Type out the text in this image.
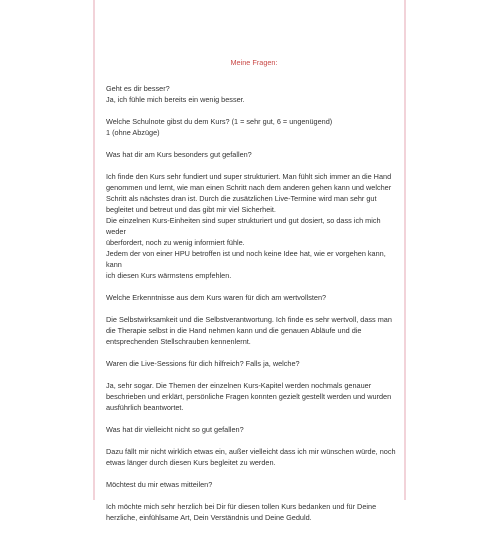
Meine Fragen:

Geht es dir besser?

Ja, ich fühle mich bereits ein wenig besser.

Welche Schulnote gibst du dem Kurs? (1 = sehr gut, 6 = ungenügend)

1 (ohne Abzüge)

Was hat dir am Kurs besonders gut gefallen?

Ich finde den Kurs sehr fundiert und super strukturiert. Man fühlt sich immer an die Hand

genommen und lernt, wie man einen Schritt nach dem anderen gehen kann und welcher

Schritt als nächstes dran ist. Durch die zusätzlichen Live-Termine wird man sehr gut

begleitet und betreut und das gibt mir viel Sicherheit.

Die einzelnen Kurs-Einheiten sind super strukturiert und gut dosiert, so dass ich mich weder

überfordert, noch zu wenig informiert fühle.

Jedem der von einer HPU betroffen ist und noch keine Idee hat, wie er vorgehen kann, kann

ich diesen Kurs wärmstens empfehlen.

Welche Erkenntnisse aus dem Kurs waren für dich am wertvollsten?

Die Selbstwirksamkeit und die Selbstverantwortung. Ich finde es sehr wertvoll, dass man

die Therapie selbst in die Hand nehmen kann und die genauen Abläufe und die

entsprechenden Stellschrauben kennenlernt.

Waren die Live-Sessions für dich hilfreich? Falls ja, welche?

Ja, sehr sogar. Die Themen der einzelnen Kurs-Kapitel werden nochmals genauer

beschrieben und erklärt, persönliche Fragen konnten gezielt gestellt werden und wurden

ausführlich beantwortet.

Was hat dir vielleicht nicht so gut gefallen?

Dazu fällt mir nicht wirklich etwas ein, außer vielleicht dass ich mir wünschen würde, noch

etwas länger durch diesen Kurs begleitet zu werden.

Möchtest du mir etwas mitteilen?

Ich möchte mich sehr herzlich bei Dir für diesen tollen Kurs bedanken und für Deine

herzliche, einfühlsame Art, Dein Verständnis und Deine Geduld.
